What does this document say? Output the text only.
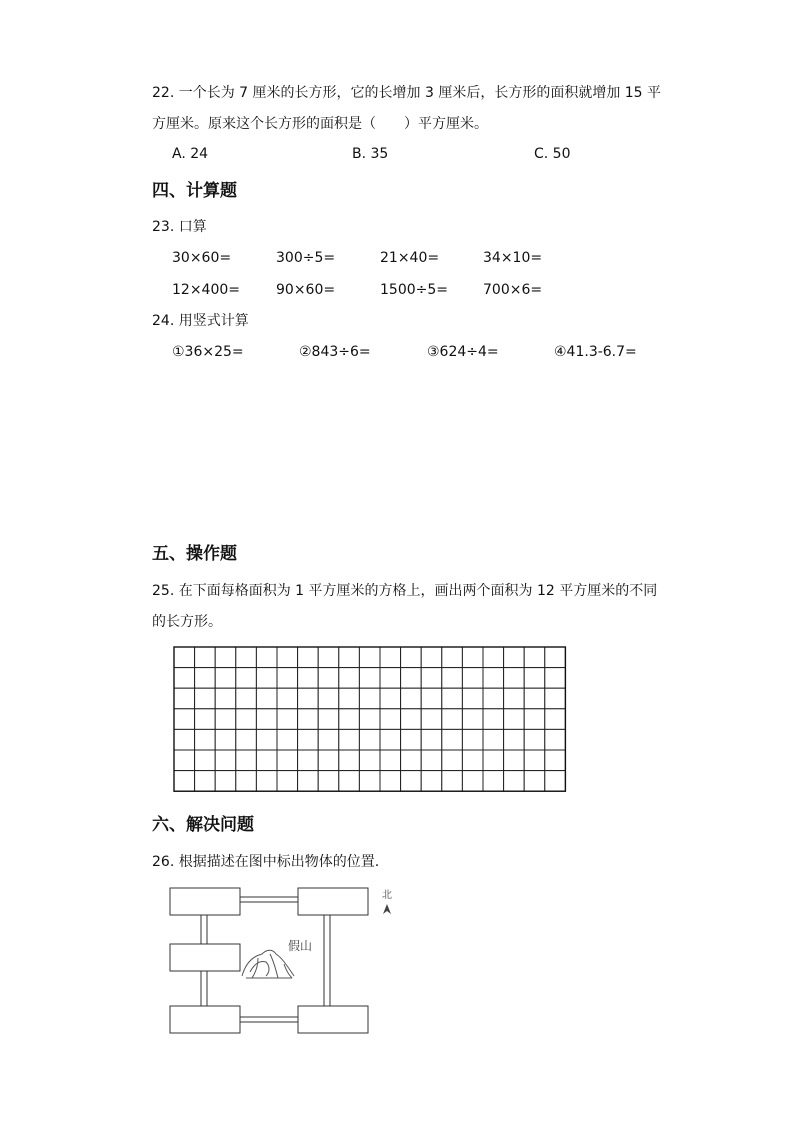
22. 一个长为 7 厘米的长方形，它的长增加 3 厘米后，长方形的面积就增加 15 平
方厘米。原来这个长方形的面积是（　　）平方厘米。
A. 24	B. 35	C. 50
四、计算题
23. 口算
30×60=	300÷5=	21×40=	34×10=
12×400=	90×60=	1500÷5=	700×6=
24. 用竖式计算
①36×25=	②843÷6=	③624÷4=	④41.3-6.7=
五、操作题
25. 在下面每格面积为 1 平方厘米的方格上，画出两个面积为 12 平方厘米的不同
的长方形。
六、解决问题
26. 根据描述在图中标出物体的位置.
假山
北
